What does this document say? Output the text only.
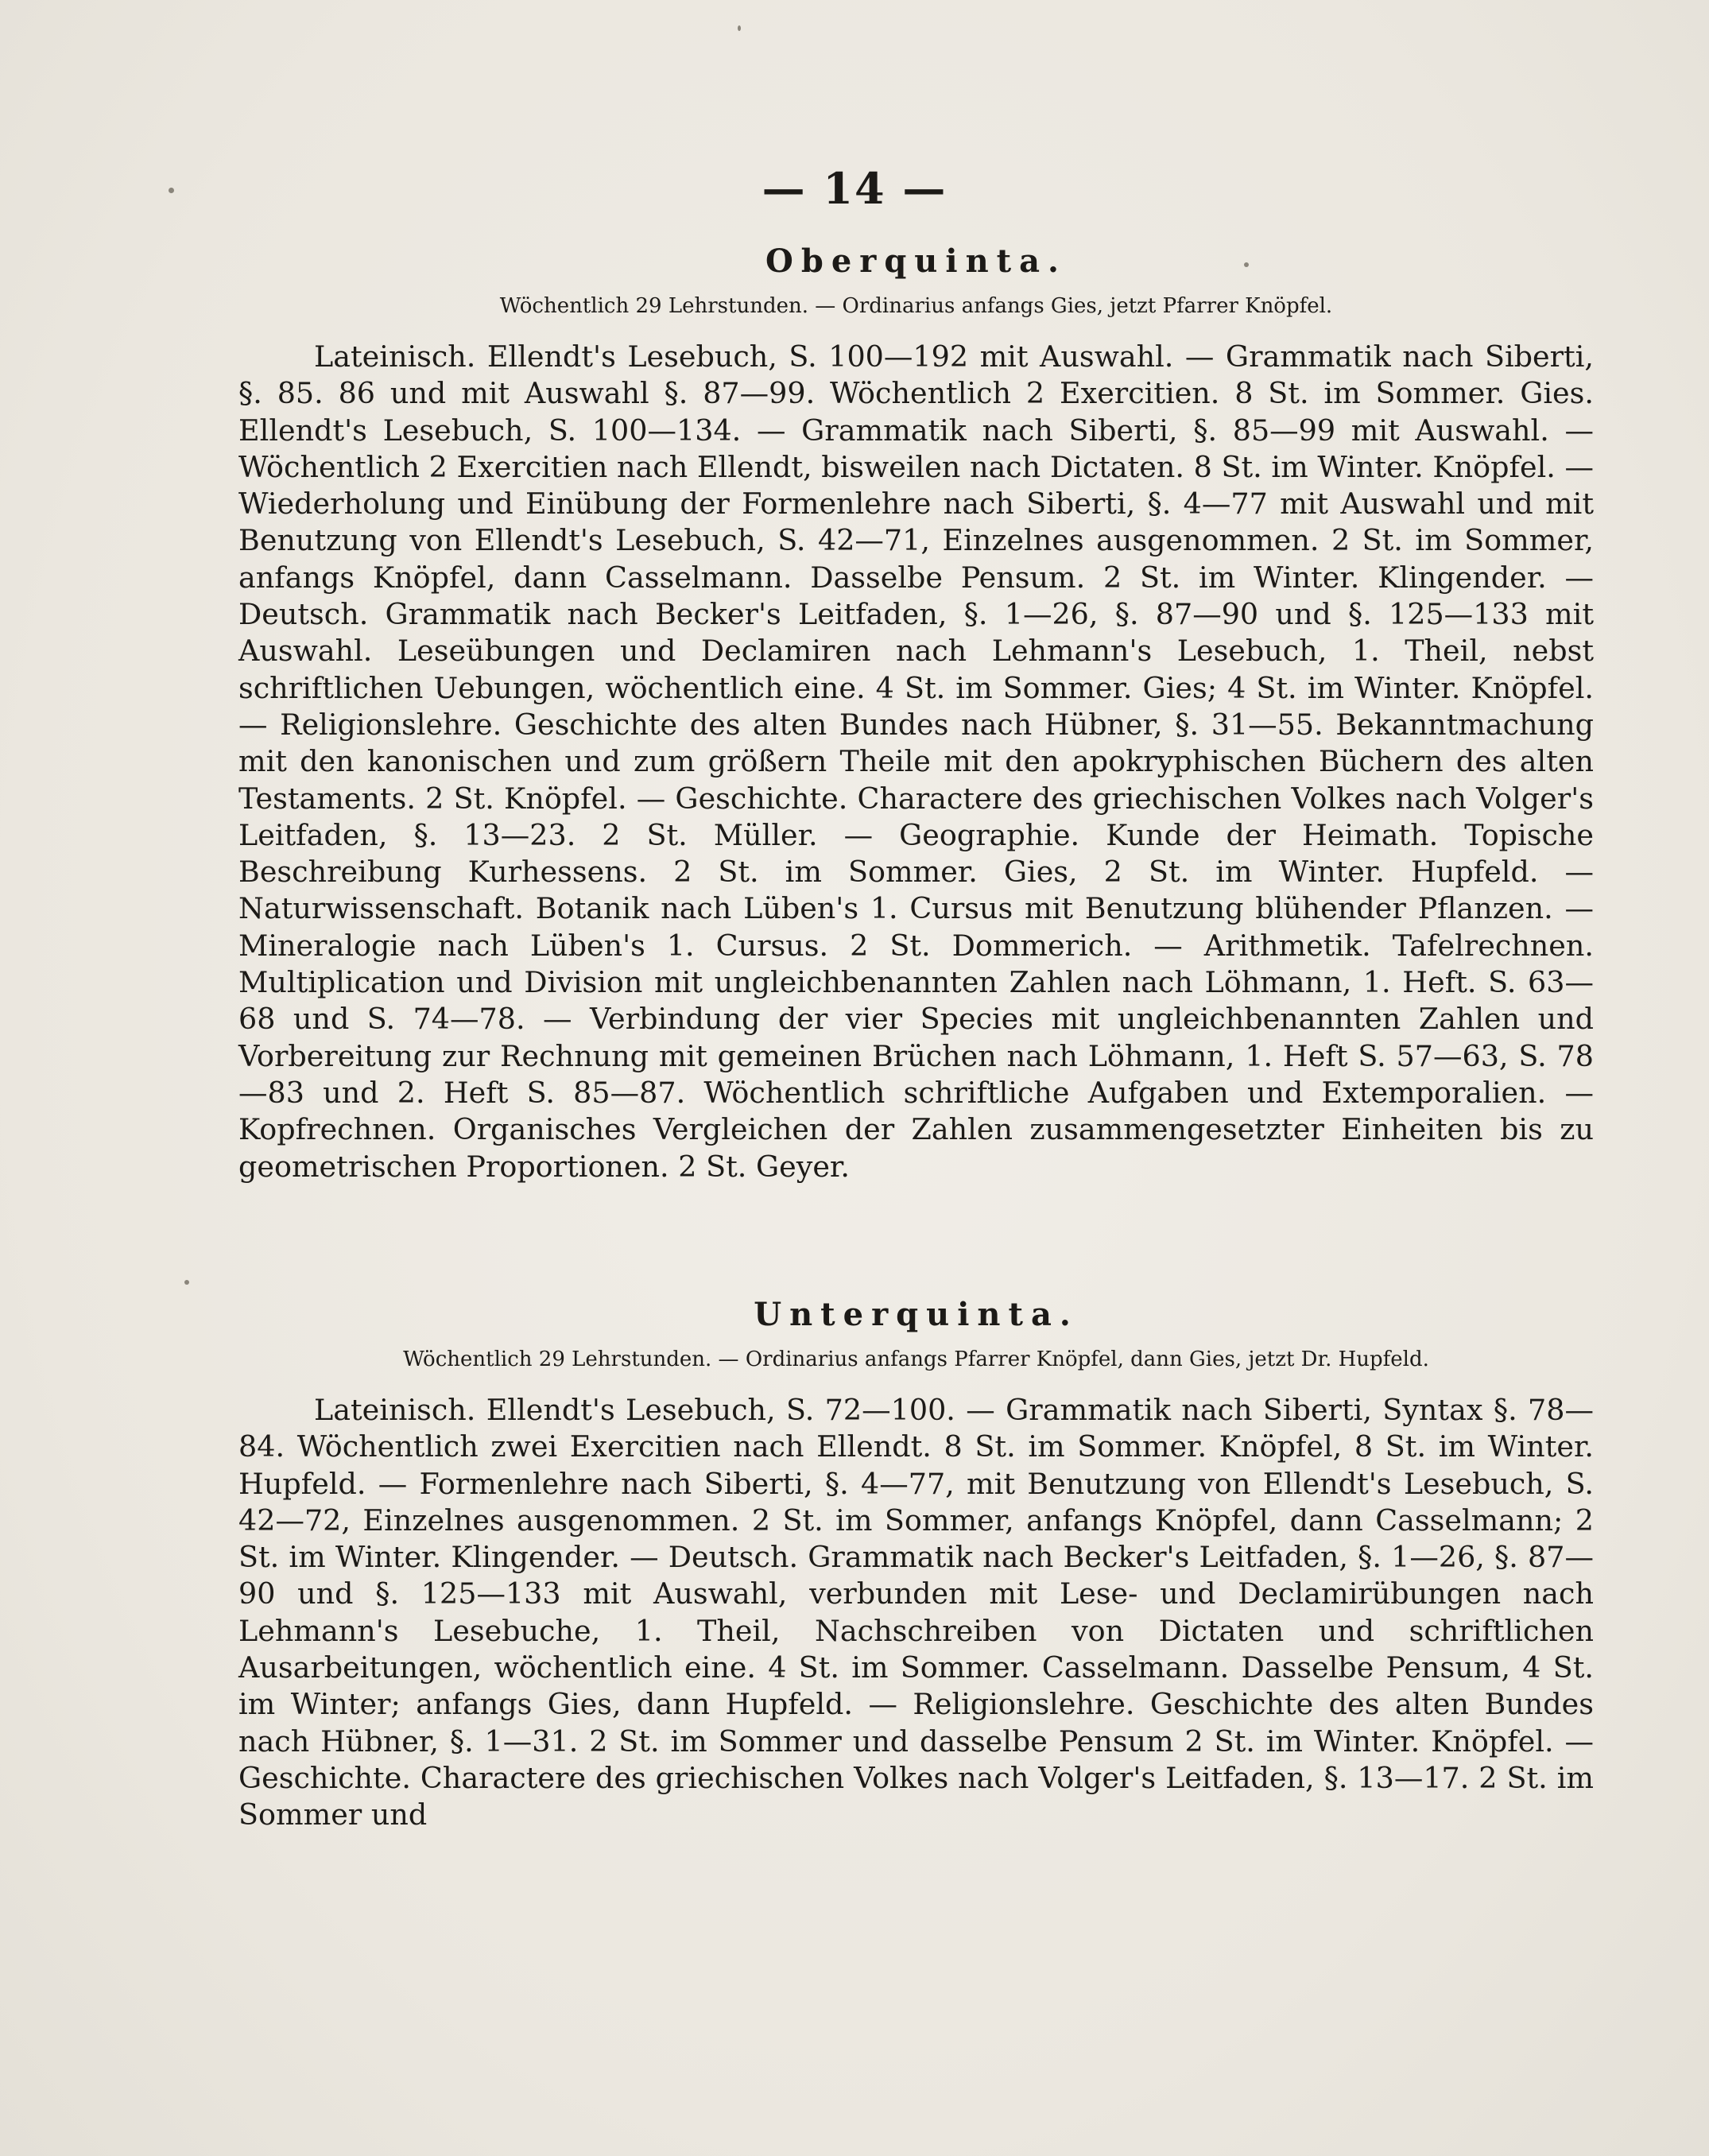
— 14 —
Oberquinta.
Wöchentlich 29 Lehrstunden. — Ordinarius anfangs Gies, jetzt Pfarrer Knöpfel.

Lateinisch. Ellendt's Lesebuch, S. 100—192 mit Auswahl. — Grammatik nach Siberti, §. 85. 86 und mit Auswahl §. 87—99. Wöchentlich 2 Exercitien. 8 St. im Sommer. Gies. Ellendt's Lesebuch, S. 100—134. — Grammatik nach Siberti, §. 85—99 mit Auswahl. — Wöchentlich 2 Exercitien nach Ellendt, bisweilen nach Dictaten. 8 St. im Winter. Knöpfel. — Wiederholung und Einübung der Formenlehre nach Siberti, §. 4—77 mit Auswahl und mit Benutzung von Ellendt's Lesebuch, S. 42—71, Einzelnes ausgenommen. 2 St. im Sommer, anfangs Knöpfel, dann Casselmann. Dasselbe Pensum. 2 St. im Winter. Klingender. — Deutsch. Grammatik nach Becker's Leitfaden, §. 1—26, §. 87—90 und §. 125—133 mit Auswahl. Leseübungen und Declamiren nach Lehmann's Lesebuch, 1. Theil, nebst schriftlichen Uebungen, wöchentlich eine. 4 St. im Sommer. Gies; 4 St. im Winter. Knöpfel. — Religionslehre. Geschichte des alten Bundes nach Hübner, §. 31—55. Bekanntmachung mit den kanonischen und zum größern Theile mit den apokryphischen Büchern des alten Testaments. 2 St. Knöpfel. — Geschichte. Charactere des griechischen Volkes nach Volger's Leitfaden, §. 13—23. 2 St. Müller. — Geographie. Kunde der Heimath. Topische Beschreibung Kurhessens. 2 St. im Sommer. Gies, 2 St. im Winter. Hupfeld. — Naturwissenschaft. Botanik nach Lüben's 1. Cursus mit Benutzung blühender Pflanzen. — Mineralogie nach Lüben's 1. Cursus. 2 St. Dommerich. — Arithmetik. Tafelrechnen. Multiplication und Division mit ungleichbenannten Zahlen nach Löhmann, 1. Heft. S. 63—68 und S. 74—78. — Verbindung der vier Species mit ungleichbenannten Zahlen und Vorbereitung zur Rechnung mit gemeinen Brüchen nach Löhmann, 1. Heft S. 57—63, S. 78—83 und 2. Heft S. 85—87. Wöchentlich schriftliche Aufgaben und Extemporalien. — Kopfrechnen. Organisches Vergleichen der Zahlen zusammengesetzter Einheiten bis zu geometrischen Proportionen. 2 St. Geyer.

Unterquinta.
Wöchentlich 29 Lehrstunden. — Ordinarius anfangs Pfarrer Knöpfel, dann Gies, jetzt Dr. Hupfeld.

Lateinisch. Ellendt's Lesebuch, S. 72—100. — Grammatik nach Siberti, Syntax §. 78—84. Wöchentlich zwei Exercitien nach Ellendt. 8 St. im Sommer. Knöpfel, 8 St. im Winter. Hupfeld. — Formenlehre nach Siberti, §. 4—77, mit Benutzung von Ellendt's Lesebuch, S. 42—72, Einzelnes ausgenommen. 2 St. im Sommer, anfangs Knöpfel, dann Casselmann; 2 St. im Winter. Klingender. — Deutsch. Grammatik nach Becker's Leitfaden, §. 1—26, §. 87—90 und §. 125—133 mit Auswahl, verbunden mit Lese- und Declamirübungen nach Lehmann's Lesebuche, 1. Theil, Nachschreiben von Dictaten und schriftlichen Ausarbeitungen, wöchentlich eine. 4 St. im Sommer. Casselmann. Dasselbe Pensum, 4 St. im Winter; anfangs Gies, dann Hupfeld. — Religionslehre. Geschichte des alten Bundes nach Hübner, §. 1—31. 2 St. im Sommer und dasselbe Pensum 2 St. im Winter. Knöpfel. — Geschichte. Charactere des griechischen Volkes nach Volger's Leitfaden, §. 13—17. 2 St. im Sommer und
